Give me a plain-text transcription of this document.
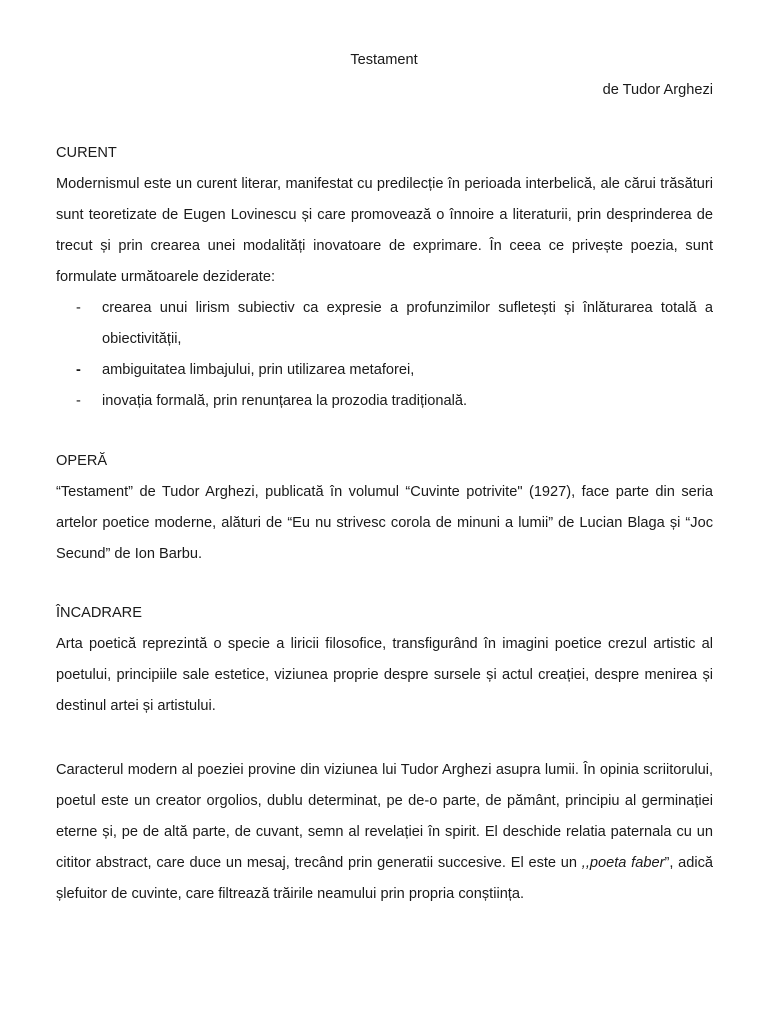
Testament
de Tudor Arghezi

CURENT

Modernismul este un curent literar, manifestat cu predilecție în perioada interbelică, ale cărui trăsături sunt teoretizate de Eugen Lovinescu și care promovează o înnoire a literaturii, prin desprinderea de trecut și prin crearea unei modalități inovatoare de exprimare. În ceea ce privește poezia, sunt formulate următoarele deziderate:

- crearea unui lirism subiectiv ca expresie a profunzimilor sufletești și înlăturarea totală a obiectivității,
- ambiguitatea limbajului, prin utilizarea metaforei,
- inovația formală, prin renunțarea la prozodia tradițională.

OPERĂ

“Testament” de Tudor Arghezi, publicată în volumul “Cuvinte potrivite" (1927), face parte din seria artelor poetice moderne, alături de “Eu nu strivesc corola de minuni a lumii” de Lucian Blaga și “Joc Secund” de Ion Barbu.

ÎNCADRARE

Arta poetică reprezintă o specie a liricii filosofice, transfigurând în imagini poetice crezul artistic al poetului, principiile sale estetice, viziunea proprie despre sursele și actul creației, despre menirea și destinul artei și artistului.

Caracterul modern al poeziei provine din viziunea lui Tudor Arghezi asupra lumii. În opinia scriitorului, poetul este un creator orgolios, dublu determinat, pe de-o parte, de pământ, principiu al germinației eterne și, pe de altă parte, de cuvant, semn al revelației în spirit. El deschide relatia paternala cu un cititor abstract, care duce un mesaj, trecând prin generatii succesive. El este un ,,poeta faber”, adică șlefuitor de cuvinte, care filtrează trăirile neamului prin propria conștiința.
